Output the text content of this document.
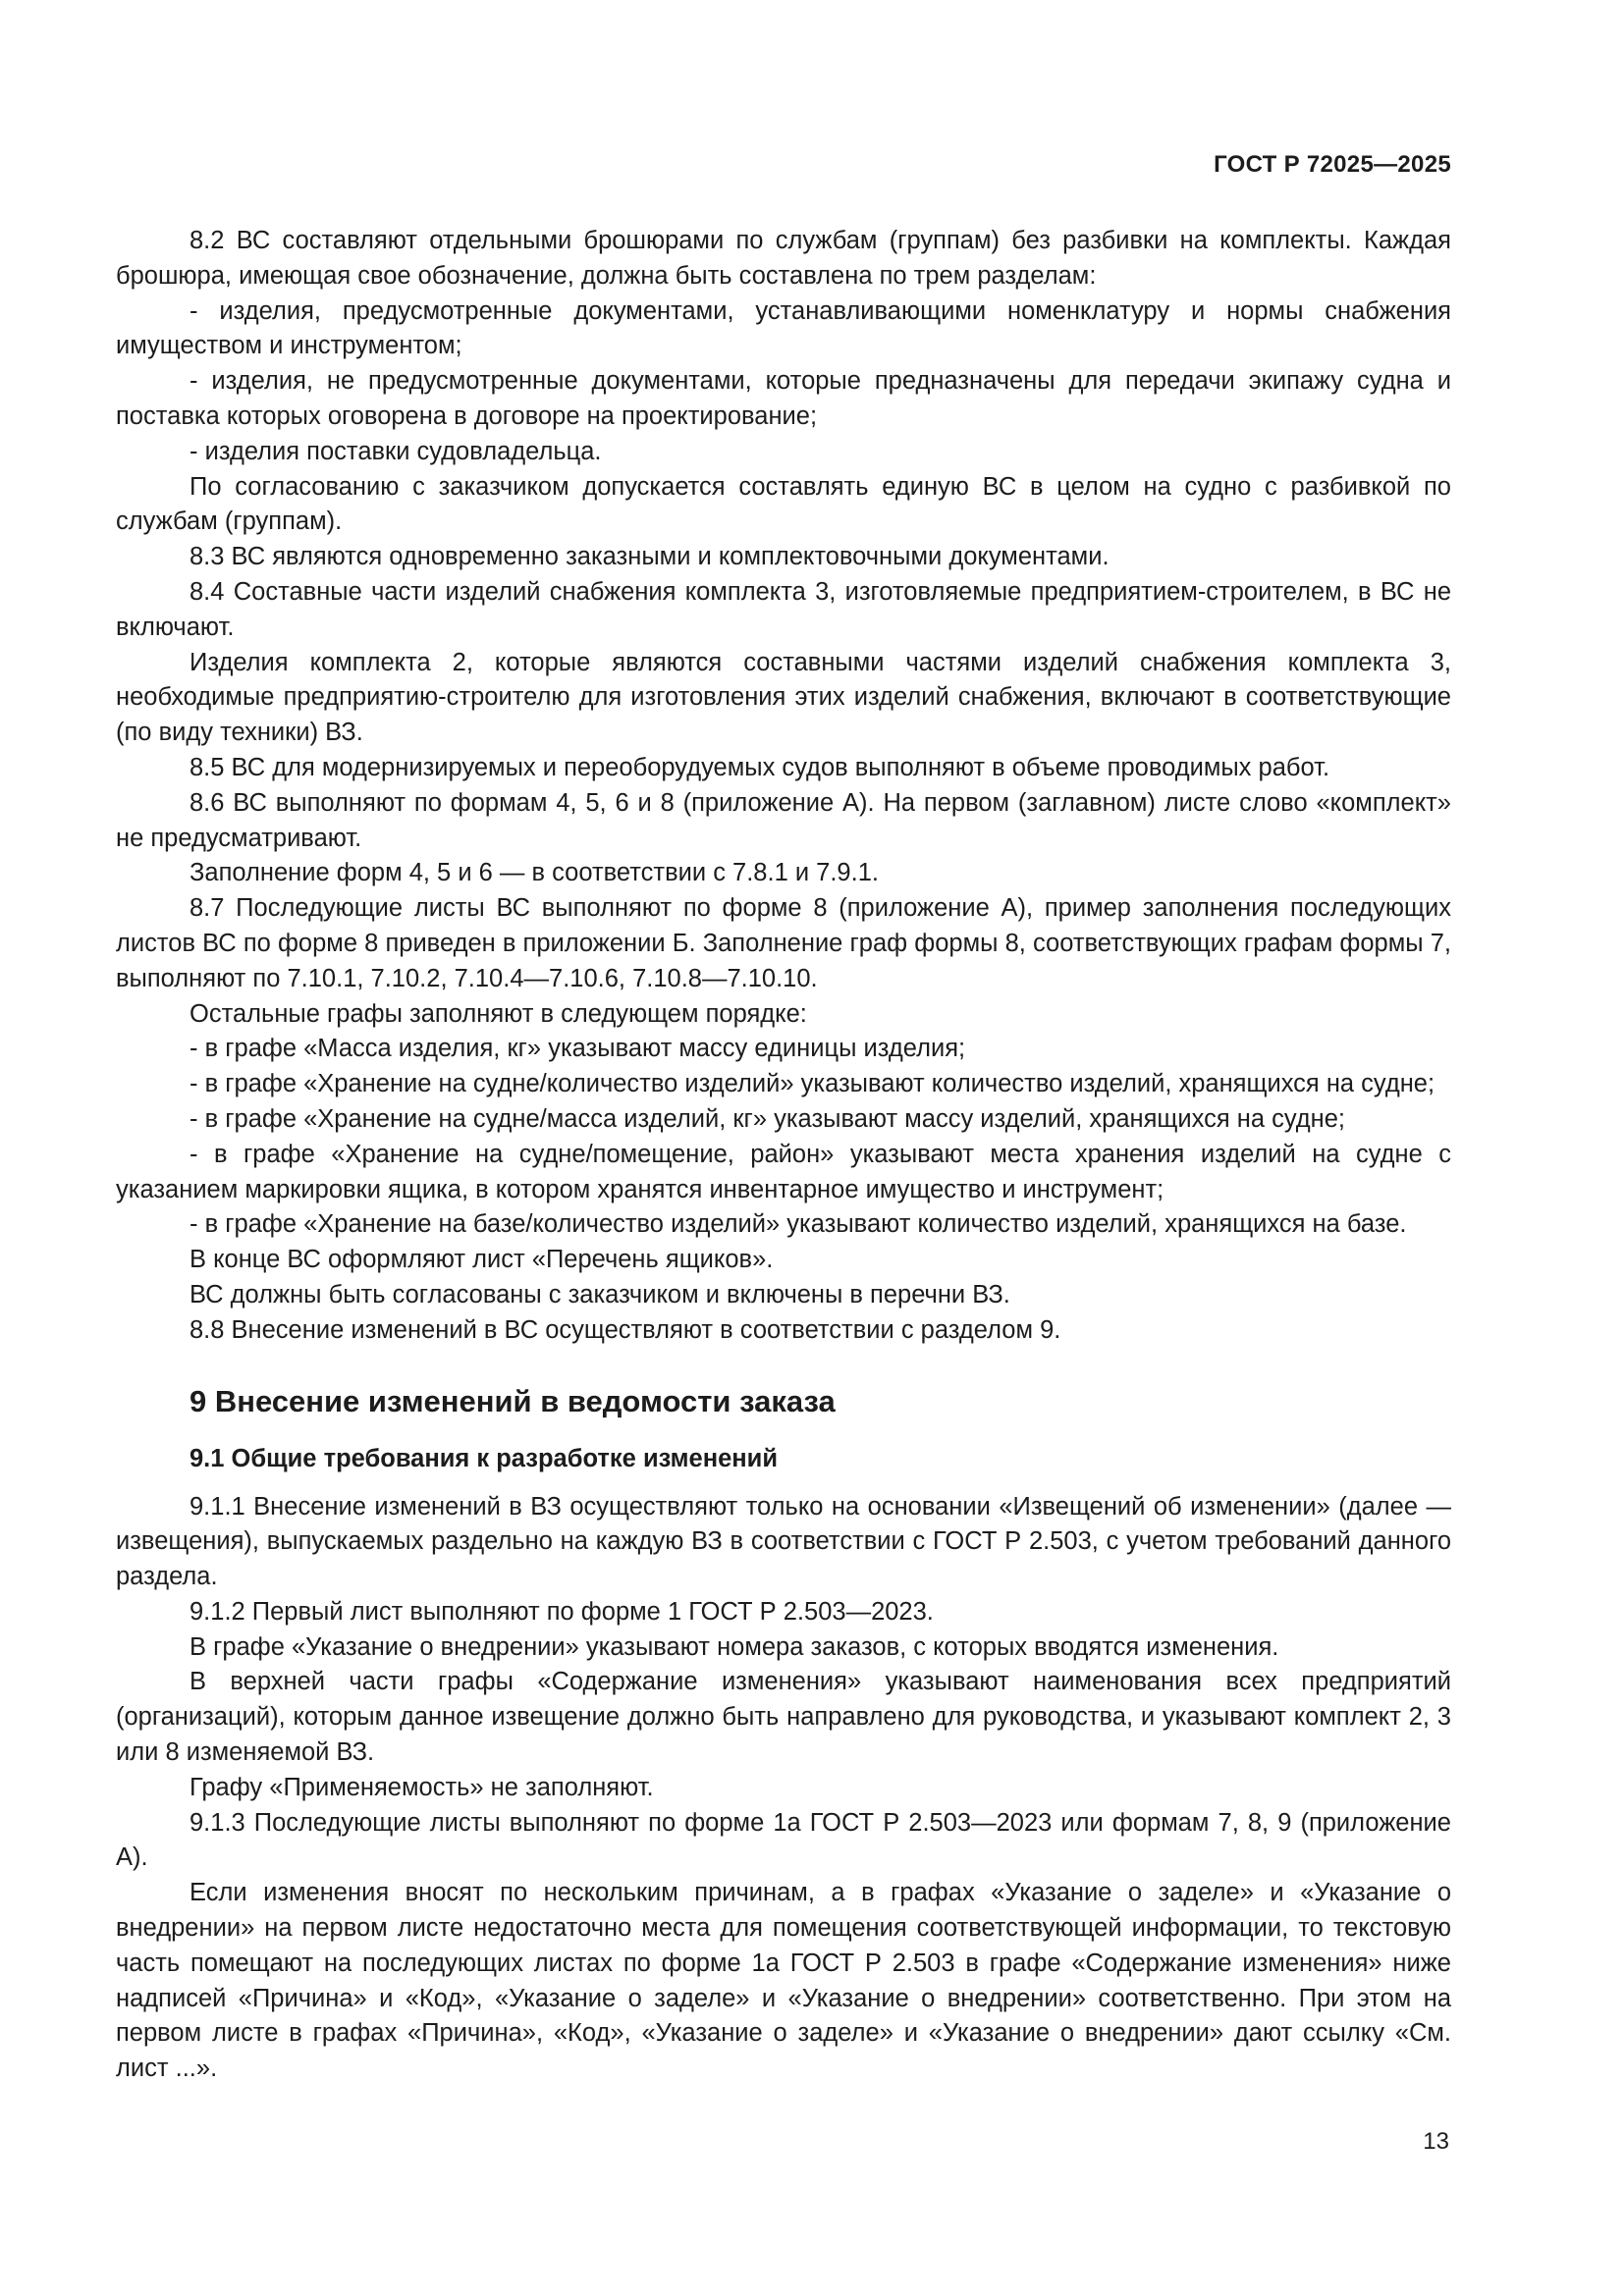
ГОСТ Р 72025—2025

8.2 ВС составляют отдельными брошюрами по службам (группам) без разбивки на комплекты. Каждая брошюра, имеющая свое обозначение, должна быть составлена по трем разделам:

- изделия, предусмотренные документами, устанавливающими номенклатуру и нормы снабжения имуществом и инструментом;

- изделия, не предусмотренные документами, которые предназначены для передачи экипажу судна и поставка которых оговорена в договоре на проектирование;

- изделия поставки судовладельца.

По согласованию с заказчиком допускается составлять единую ВС в целом на судно с разбивкой по службам (группам).

8.3 ВС являются одновременно заказными и комплектовочными документами.

8.4 Составные части изделий снабжения комплекта 3, изготовляемые предприятием-строителем, в ВС не включают.

Изделия комплекта 2, которые являются составными частями изделий снабжения комплекта 3, необходимые предприятию-строителю для изготовления этих изделий снабжения, включают в соответствующие (по виду техники) ВЗ.

8.5 ВС для модернизируемых и переоборудуемых судов выполняют в объеме проводимых работ.

8.6 ВС выполняют по формам 4, 5, 6 и 8 (приложение А). На первом (заглавном) листе слово «комплект» не предусматривают.

Заполнение форм 4, 5 и 6 — в соответствии с 7.8.1 и 7.9.1.

8.7 Последующие листы ВС выполняют по форме 8 (приложение А), пример заполнения последующих листов ВС по форме 8 приведен в приложении Б. Заполнение граф формы 8, соответствующих графам формы 7, выполняют по 7.10.1, 7.10.2, 7.10.4—7.10.6, 7.10.8—7.10.10.

Остальные графы заполняют в следующем порядке:

- в графе «Масса изделия, кг» указывают массу единицы изделия;

- в графе «Хранение на судне/количество изделий» указывают количество изделий, хранящихся на судне;

- в графе «Хранение на судне/масса изделий, кг» указывают массу изделий, хранящихся на судне;

- в графе «Хранение на судне/помещение, район» указывают места хранения изделий на судне с указанием маркировки ящика, в котором хранятся инвентарное имущество и инструмент;

- в графе «Хранение на базе/количество изделий» указывают количество изделий, хранящихся на базе.

В конце ВС оформляют лист «Перечень ящиков».

ВС должны быть согласованы с заказчиком и включены в перечни ВЗ.

8.8 Внесение изменений в ВС осуществляют в соответствии с разделом 9.

9 Внесение изменений в ведомости заказа
9.1 Общие требования к разработке изменений

9.1.1 Внесение изменений в ВЗ осуществляют только на основании «Извещений об изменении» (далее — извещения), выпускаемых раздельно на каждую ВЗ в соответствии с ГОСТ Р 2.503, с учетом требований данного раздела.

9.1.2 Первый лист выполняют по форме 1 ГОСТ Р 2.503—2023.

В графе «Указание о внедрении» указывают номера заказов, с которых вводятся изменения.

В верхней части графы «Содержание изменения» указывают наименования всех предприятий (организаций), которым данное извещение должно быть направлено для руководства, и указывают комплект 2, 3 или 8 изменяемой ВЗ.

Графу «Применяемость» не заполняют.

9.1.3 Последующие листы выполняют по форме 1а ГОСТ Р 2.503—2023 или формам 7, 8, 9 (приложение А).

Если изменения вносят по нескольким причинам, а в графах «Указание о заделе» и «Указание о внедрении» на первом листе недостаточно места для помещения соответствующей информации, то текстовую часть помещают на последующих листах по форме 1а ГОСТ Р 2.503 в графе «Содержание изменения» ниже надписей «Причина» и «Код», «Указание о заделе» и «Указание о внедрении» соответственно. При этом на первом листе в графах «Причина», «Код», «Указание о заделе» и «Указание о внедрении» дают ссылку «См. лист ...».

13
